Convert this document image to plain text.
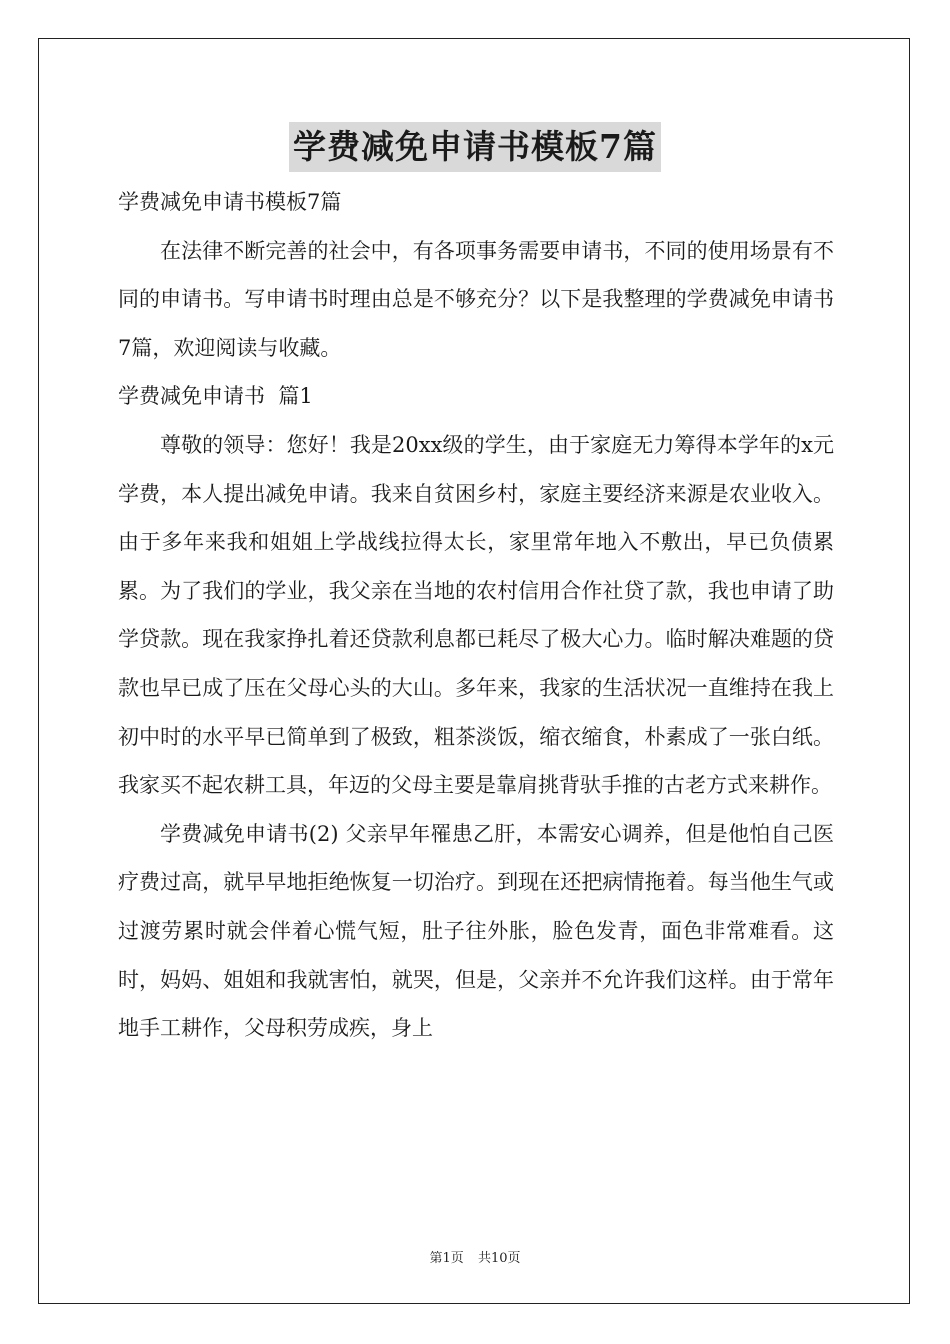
学费减免申请书模板7篇

学费减免申请书模板7篇

在法律不断完善的社会中，有各项事务需要申请书，不同的使用场景有不同的申请书。写申请书时理由总是不够充分？以下是我整理的学费减免申请书7篇，欢迎阅读与收藏。

学费减免申请书  篇1

尊敬的领导：您好！我是20xx级的学生，由于家庭无力筹得本学年的x元学费，本人提出减免申请。我来自贫困乡村，家庭主要经济来源是农业收入。由于多年来我和姐姐上学战线拉得太长，家里常年地入不敷出，早已负债累累。为了我们的学业，我父亲在当地的农村信用合作社贷了款，我也申请了助学贷款。现在我家挣扎着还贷款利息都已耗尽了极大心力。临时解决难题的贷款也早已成了压在父母心头的大山。多年来，我家的生活状况一直维持在我上初中时的水平早已简单到了极致，粗茶淡饭，缩衣缩食，朴素成了一张白纸。我家买不起农耕工具，年迈的父母主要是靠肩挑背驮手推的古老方式来耕作。

学费减免申请书(2) 父亲早年罹患乙肝，本需安心调养，但是他怕自己医疗费过高，就早早地拒绝恢复一切治疗。到现在还把病情拖着。每当他生气或过渡劳累时就会伴着心慌气短，肚子往外胀，脸色发青，面色非常难看。这时，妈妈、姐姐和我就害怕，就哭，但是，父亲并不允许我们这样。由于常年地手工耕作，父母积劳成疾，身上

第1页 共10页
